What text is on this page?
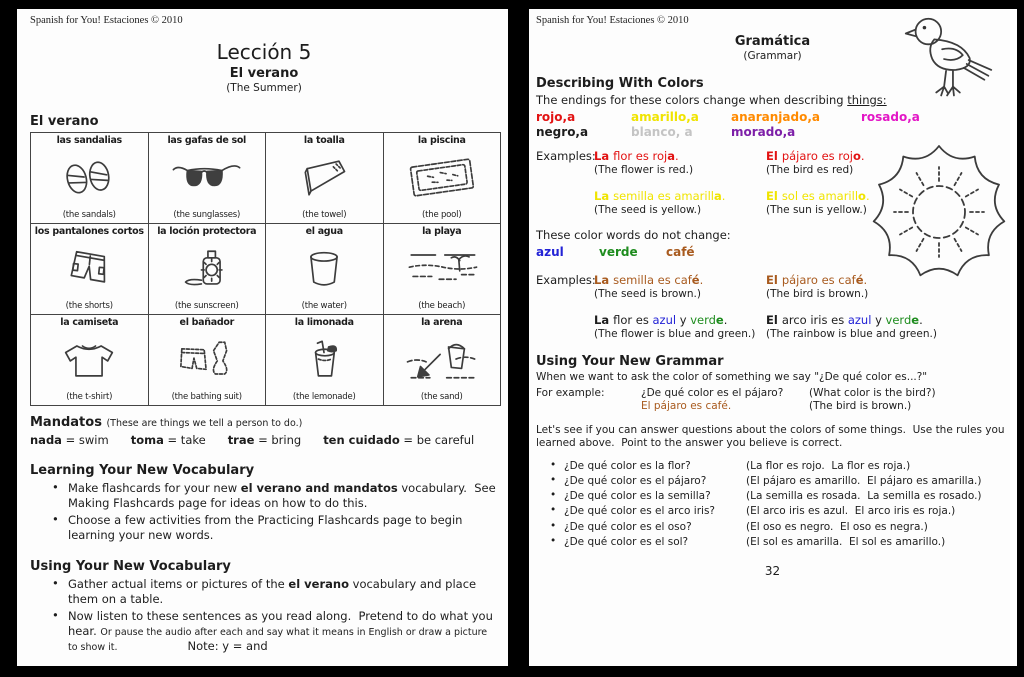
Spanish for You! Estaciones © 2010
Lección 5
El verano
(The Summer)
El verano
las sandalias
(the sandals)
las gafas de sol
(the sunglasses)
la toalla
(the towel)
la piscina
(the pool)
los pantalones cortos
(the shorts)
la loción protectora
(the sunscreen)
el agua
(the water)
la playa
(the beach)
la camiseta
(the t-shirt)
el bañador
(the bathing suit)
la limonada
(the lemonade)
la arena
(the sand)
Mandatos (These are things we tell a person to do.)
nada = swim toma = take trae = bring ten cuidado = be careful
Learning Your New Vocabulary
• Make flashcards for your new el verano and mandatos vocabulary.  See Making Flashcards page for ideas on how to do this.
• Choose a few activities from the Practicing Flashcards page to begin learning your new words.
Using Your New Vocabulary
• Gather actual items or pictures of the el verano vocabulary and place them on a table.
• Now listen to these sentences as you read along.  Pretend to do what you hear. Or pause the audio after each and say what it means in English or draw a picture to show it.	Note: y = and
Spanish for You! Estaciones © 2010
Gramática
(Grammar)
Describing With Colors
The endings for these colors change when describing things:
rojo,a	amarillo,a	anaranjado,a	rosado,a
negro,a	blanco, a	morado,a
Examples:
La flor es roja.
(The flower is red.)
El pájaro es rojo.
(The bird es red)
La semilla es amarilla.
(The seed is yellow.)
El sol es amarillo.
(The sun is yellow.)
These color words do not change:
azul	verde café
Examples:
La semilla es café.
(The seed is brown.)
El pájaro es café.
(The bird is brown.)
La flor es azul y verde.
(The flower is blue and green.)
El arco iris es azul y verde.
(The rainbow is blue and green.)
Using Your New Grammar
When we want to ask the color of something we say "¿De qué color es...?"
For example:	¿De qué color es el pájaro?	(What color is the bird?)
El pájaro es café.	(The bird is brown.)
Let's see if you can answer questions about the colors of some things.  Use the rules you learned above.  Point to the answer you believe is correct.
• ¿De qué color es la flor?	(La flor es rojo.  La flor es roja.)
• ¿De qué color es el pájaro?	(El pájaro es amarillo.  El pájaro es amarilla.)
• ¿De qué color es la semilla?	(La semilla es rosada.  La semilla es rosado.)
• ¿De qué color es el arco iris?	(El arco iris es azul.  El arco iris es roja.)
• ¿De qué color es el oso?	(El oso es negro.  El oso es negra.)
• ¿De qué color es el sol?	(El sol es amarilla.  El sol es amarillo.)
32
